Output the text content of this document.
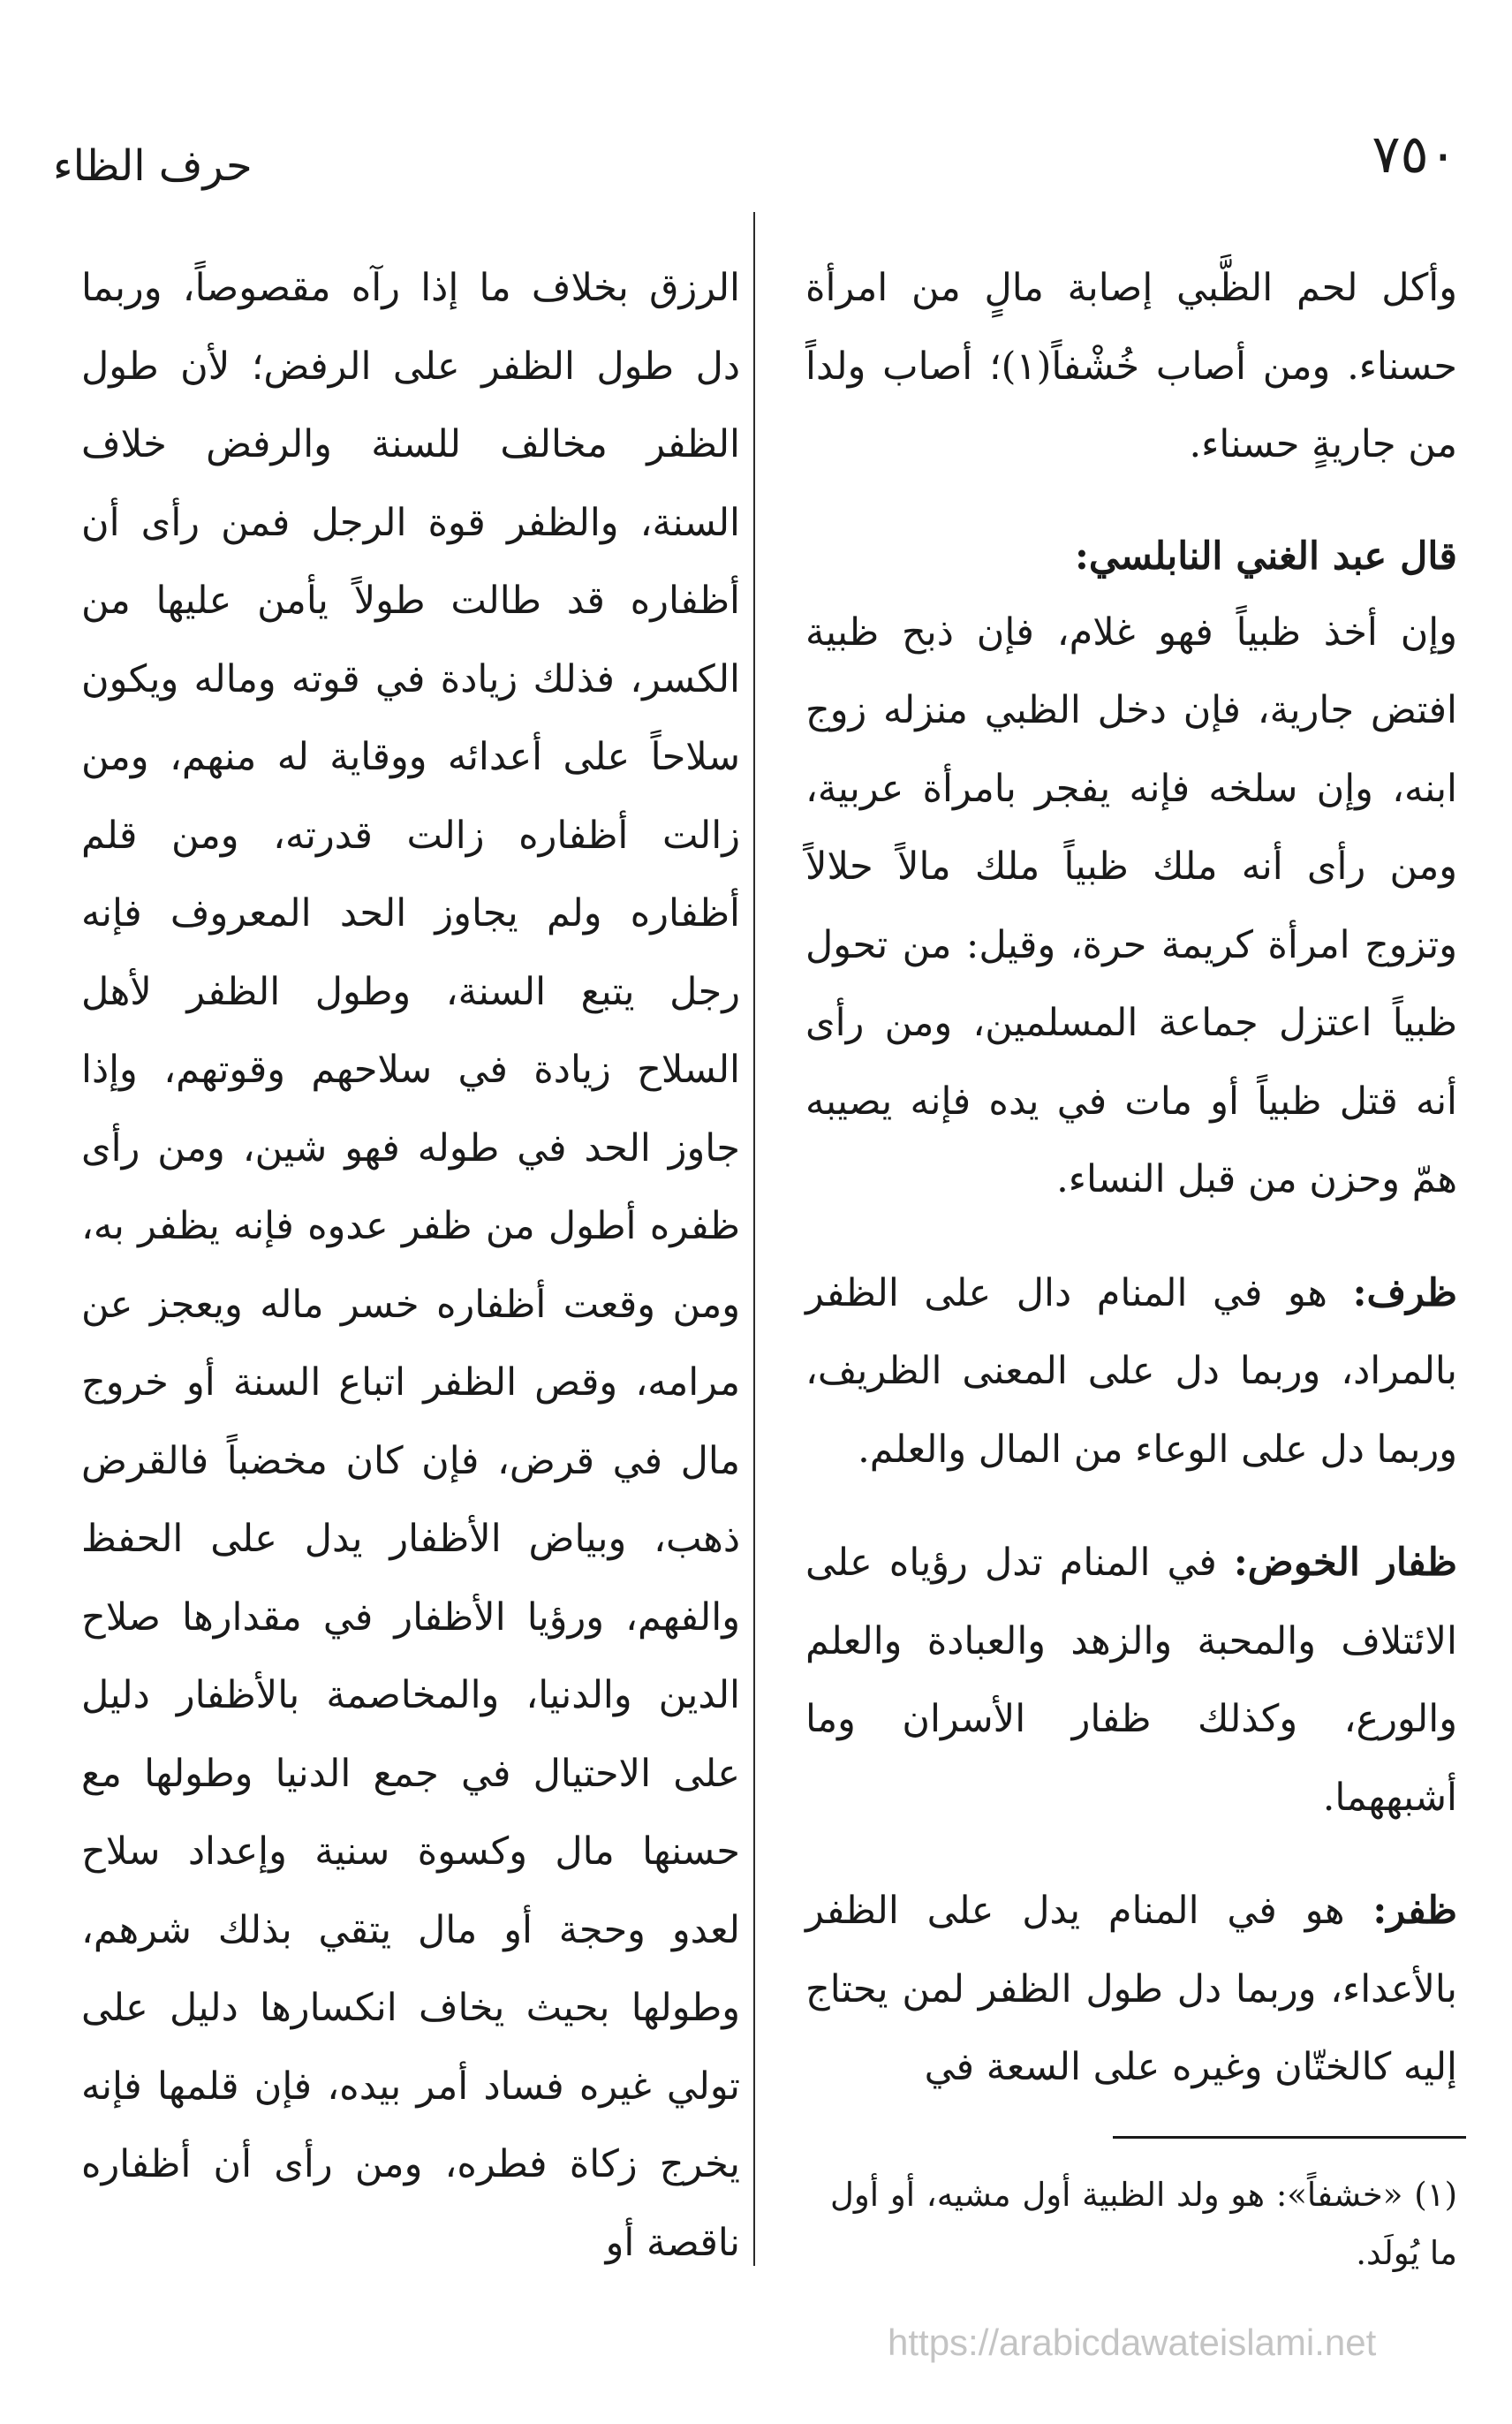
حرف الظاء	٧٥٠

وأكل لحم الظَّبي إصابة مالٍ من امرأة حسناء. ومن أصاب خُشْفاً(١)؛ أصاب ولداً من جاريةٍ حسناء.

قال عبد الغني النابلسي:

وإن أخذ ظبياً فهو غلام، فإن ذبح ظبية افتض جارية، فإن دخل الظبي منزله زوج ابنه، وإن سلخه فإنه يفجر بامرأة عربية، ومن رأى أنه ملك ظبياً ملك مالاً حلالاً وتزوج امرأة كريمة حرة، وقيل: من تحول ظبياً اعتزل جماعة المسلمين، ومن رأى أنه قتل ظبياً أو مات في يده فإنه يصيبه همّ وحزن من قبل النساء.

ظرف: هو في المنام دال على الظفر بالمراد، وربما دل على المعنى الظريف، وربما دل على الوعاء من المال والعلم.

ظفار الخوض: في المنام تدل رؤياه على الائتلاف والمحبة والزهد والعبادة والعلم والورع، وكذلك ظفار الأسران وما أشبههما.

ظفر: هو في المنام يدل على الظفر بالأعداء، وربما دل طول الظفر لمن يحتاج إليه كالختّان وغيره على السعة في

الرزق بخلاف ما إذا رآه مقصوصاً، وربما دل طول الظفر على الرفض؛ لأن طول الظفر مخالف للسنة والرفض خلاف السنة، والظفر قوة الرجل فمن رأى أن أظفاره قد طالت طولاً يأمن عليها من الكسر، فذلك زيادة في قوته وماله ويكون سلاحاً على أعدائه ووقاية له منهم، ومن زالت أظفاره زالت قدرته، ومن قلم أظفاره ولم يجاوز الحد المعروف فإنه رجل يتبع السنة، وطول الظفر لأهل السلاح زيادة في سلاحهم وقوتهم، وإذا جاوز الحد في طوله فهو شين، ومن رأى ظفره أطول من ظفر عدوه فإنه يظفر به، ومن وقعت أظفاره خسر ماله ويعجز عن مرامه، وقص الظفر اتباع السنة أو خروج مال في قرض، فإن كان مخضباً فالقرض ذهب، وبياض الأظفار يدل على الحفظ والفهم، ورؤيا الأظفار في مقدارها صلاح الدين والدنيا، والمخاصمة بالأظفار دليل على الاحتيال في جمع الدنيا وطولها مع حسنها مال وكسوة سنية وإعداد سلاح لعدو وحجة أو مال يتقي بذلك شرهم، وطولها بحيث يخاف انكسارها دليل على تولي غيره فساد أمر بيده، فإن قلمها فإنه يخرج زكاة فطره، ومن رأى أن أظفاره ناقصة أو

(١) «خشفاً»: هو ولد الظبية أول مشيه، أو أول ما يُولَد.
https://arabicdawateislami.net
